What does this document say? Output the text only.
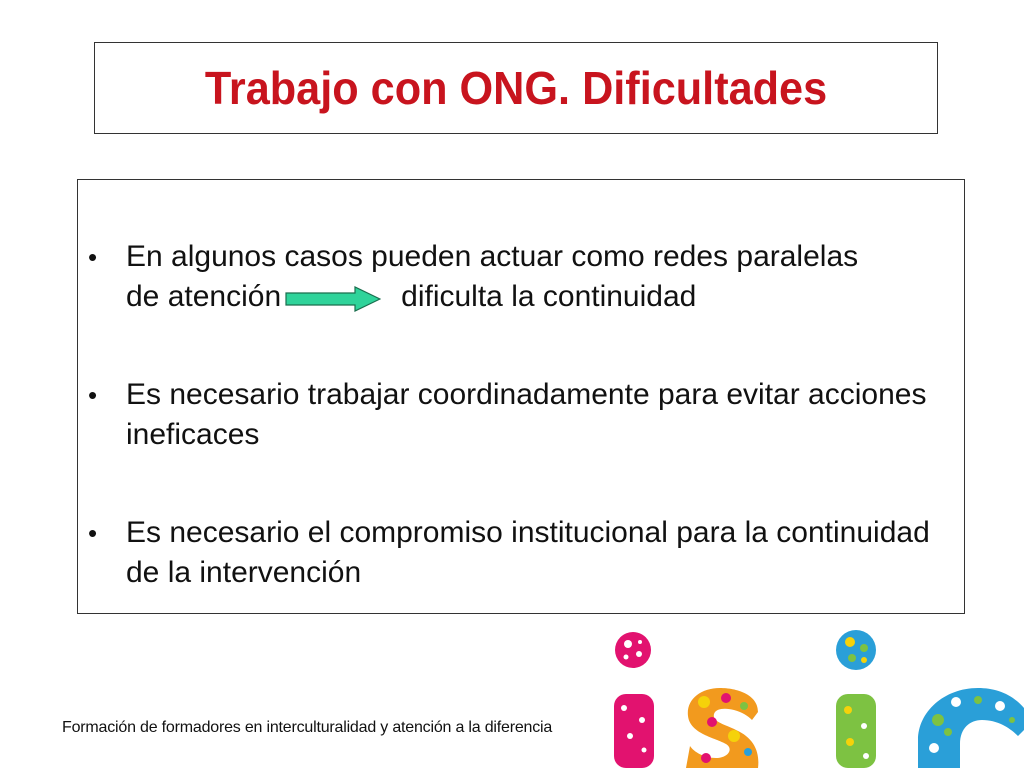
Trabajo con ONG. Dificultades
• En algunos casos pueden actuar como redes paralelas
de atención	dificulta la continuidad
• Es necesario trabajar coordinadamente para evitar acciones ineficaces
• Es necesario el compromiso institucional para la continuidad de la intervención
Formación de formadores en interculturalidad y atención a la diferencia
